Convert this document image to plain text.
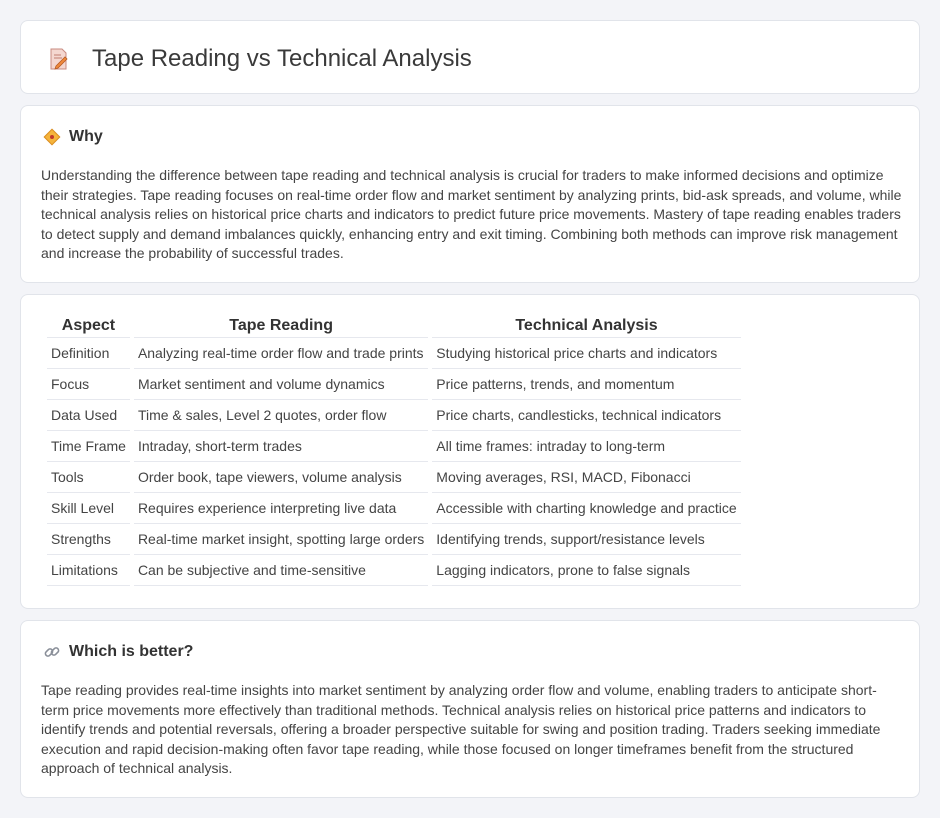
Tape Reading vs Technical Analysis
Why

Understanding the difference between tape reading and technical analysis is crucial for traders to make informed decisions and optimize their strategies. Tape reading focuses on real-time order flow and market sentiment by analyzing prints, bid-ask spreads, and volume, while technical analysis relies on historical price charts and indicators to predict future price movements. Mastery of tape reading enables traders to detect supply and demand imbalances quickly, enhancing entry and exit timing. Combining both methods can improve risk management and increase the probability of successful trades.

Aspect	Tape Reading	Technical Analysis
Definition	Analyzing real-time order flow and trade prints	Studying historical price charts and indicators
Focus	Market sentiment and volume dynamics	Price patterns, trends, and momentum
Data Used	Time & sales, Level 2 quotes, order flow	Price charts, candlesticks, technical indicators
Time Frame	Intraday, short-term trades	All time frames: intraday to long-term
Tools	Order book, tape viewers, volume analysis	Moving averages, RSI, MACD, Fibonacci
Skill Level	Requires experience interpreting live data	Accessible with charting knowledge and practice
Strengths	Real-time market insight, spotting large orders	Identifying trends, support/resistance levels
Limitations	Can be subjective and time-sensitive	Lagging indicators, prone to false signals
Which is better?

Tape reading provides real-time insights into market sentiment by analyzing order flow and volume, enabling traders to anticipate short-term price movements more effectively than traditional methods. Technical analysis relies on historical price patterns and indicators to identify trends and potential reversals, offering a broader perspective suitable for swing and position trading. Traders seeking immediate execution and rapid decision-making often favor tape reading, while those focused on longer timeframes benefit from the structured approach of technical analysis.
